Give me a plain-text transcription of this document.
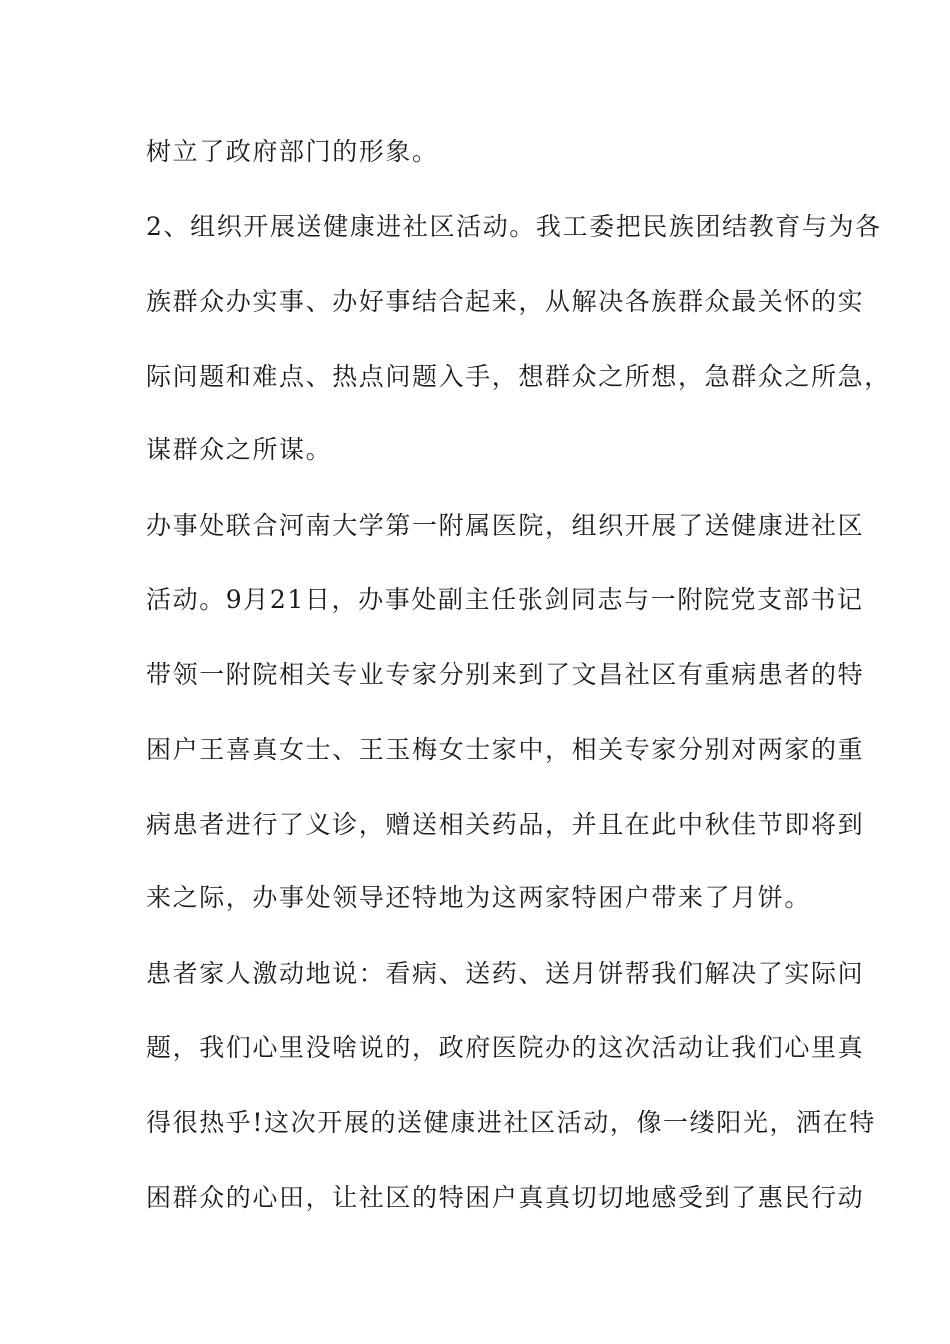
树立了政府部门的形象。
2、组织开展送健康进社区活动。我工委把民族团结教育与为各
族群众办实事、办好事结合起来，从解决各族群众最关怀的实
际问题和难点、热点问题入手，想群众之所想，急群众之所急，
谋群众之所谋。
办事处联合河南大学第一附属医院，组织开展了送健康进社区
活动。9月21日，办事处副主任张剑同志与一附院党支部书记
带领一附院相关专业专家分别来到了文昌社区有重病患者的特
困户王喜真女士、王玉梅女士家中，相关专家分别对两家的重
病患者进行了义诊，赠送相关药品，并且在此中秋佳节即将到
来之际，办事处领导还特地为这两家特困户带来了月饼。
患者家人激动地说：看病、送药、送月饼帮我们解决了实际问
题，我们心里没啥说的，政府医院办的这次活动让我们心里真
得很热乎!这次开展的送健康进社区活动，像一缕阳光，洒在特
困群众的心田，让社区的特困户真真切切地感受到了惠民行动
